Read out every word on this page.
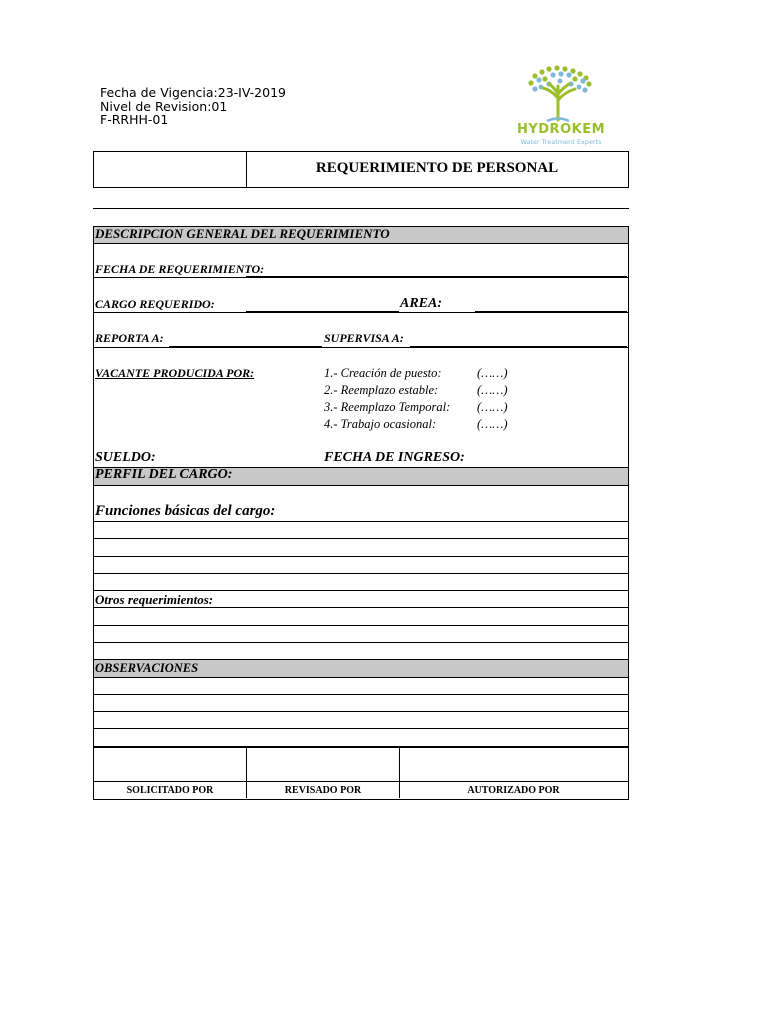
Fecha de Vigencia:23-IV-2019
Nivel de Revision:01
F-RRHH-01
HYDROKEM
Water Treatment Experts
REQUERIMIENTO DE PERSONAL
DESCRIPCION GENERAL DEL REQUERIMIENTO
FECHA DE REQUERIMIENTO:
CARGO REQUERIDO:	AREA:
REPORTA A:	SUPERVISA A:
VACANTE PRODUCIDA POR:	1.- Creación de puesto:	(……)
2.- Reemplazo estable:	(……)
3.- Reemplazo Temporal: (……)
4.- Trabajo ocasional:	(……)
SUELDO:	FECHA DE INGRESO:
PERFIL DEL CARGO:
Funciones básicas del cargo:
Otros requerimientos:
OBSERVACIONES
SOLICITADO POR	REVISADO POR	AUTORIZADO POR
